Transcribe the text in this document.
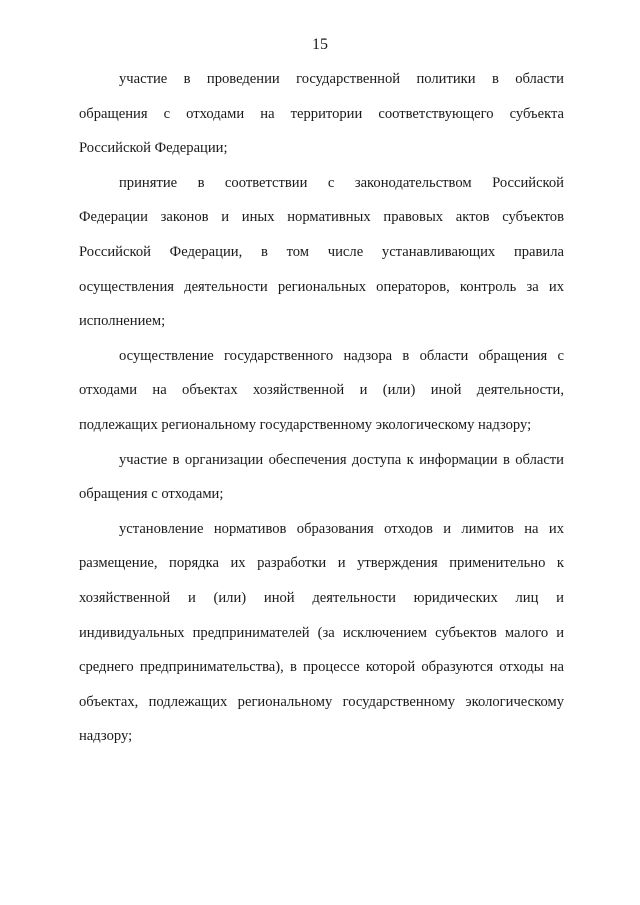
15
участие в проведении государственной политики в области
обращения с отходами на территории соответствующего субъекта
Российской Федерации;
принятие в соответствии с законодательством Российской
Федерации законов и иных нормативных правовых актов субъектов
Российской Федерации, в том числе устанавливающих правила
осуществления деятельности региональных операторов, контроль за их
исполнением;
осуществление государственного надзора в области обращения с
отходами на объектах хозяйственной и (или) иной деятельности,
подлежащих региональному государственному экологическому надзору;
участие в организации обеспечения доступа к информации в области
обращения с отходами;
установление нормативов образования отходов и лимитов на их
размещение, порядка их разработки и утверждения применительно к
хозяйственной и (или) иной деятельности юридических лиц и
индивидуальных предпринимателей (за исключением субъектов малого и
среднего предпринимательства), в процессе которой образуются отходы на
объектах, подлежащих региональному государственному экологическому
надзору;
